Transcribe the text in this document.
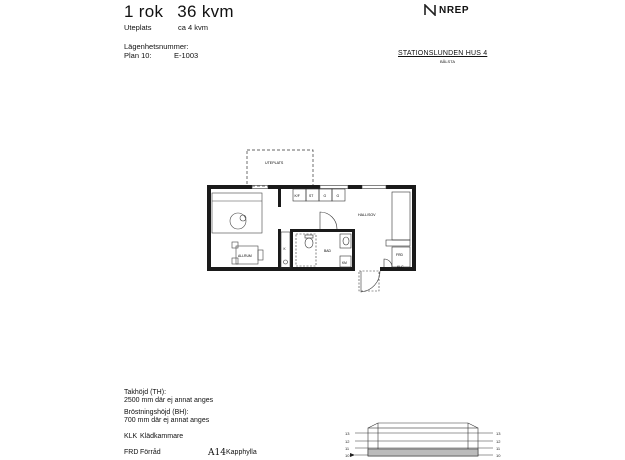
1 rok 36 kvm
Uteplats	ca 4 kvm
Lägenhetsnummer:
Plan 10:	E-1003
NREP
STATIONSLUNDEN HUS 4
BÅLSTA
UTEPLATS
ALLRUM
K/F	ST	G	G
HALL/SOV
FRD
KLC
BAD
KM
K
13
12
11
10
13
12
11
10
Takhöjd (TH):
2500 mm där ej annat anges
Bröstningshöjd (BH):
700 mm där ej annat anges
KLK Klädkammare
FRD Förråd	A14 Kapphylla
